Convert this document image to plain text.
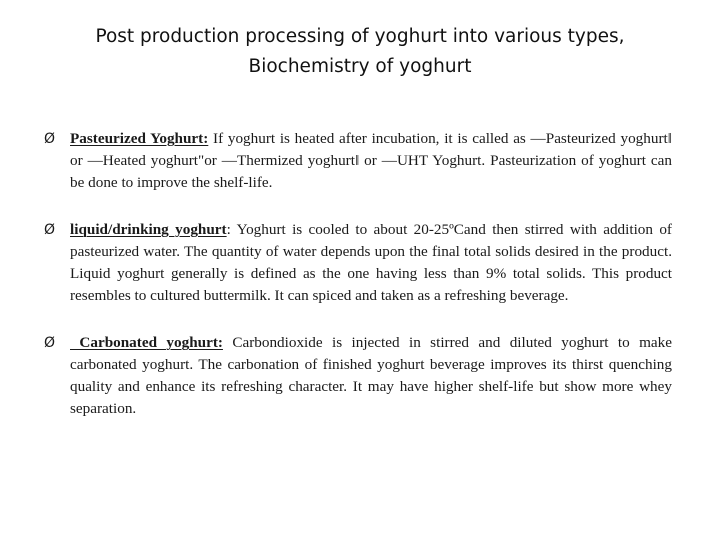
Post production processing of yoghurt into various types,
Biochemistry of yoghurt
Ø Pasteurized Yoghurt: If yoghurt is heated after incubation, it is called as —Pasteurized yoghurt‖ or —Heated yoghurt"or —Thermized yoghurt‖ or —UHT Yoghurt. Pasteurization of yoghurt can be done to improve the shelf-life.
Ø liquid/drinking yoghurt: Yoghurt is cooled to about 20-25ºCand then stirred with addition of pasteurized water. The quantity of water depends upon the final total solids desired in the product. Liquid yoghurt generally is defined as the one having less than 9% total solids. This product resembles to cultured buttermilk. It can spiced and taken as a refreshing beverage.
Ø Carbonated yoghurt: Carbondioxide is injected in stirred and diluted yoghurt to make carbonated yoghurt. The carbonation of finished yoghurt beverage improves its thirst quenching quality and enhance its refreshing character. It may have higher shelf-life but show more whey separation.
